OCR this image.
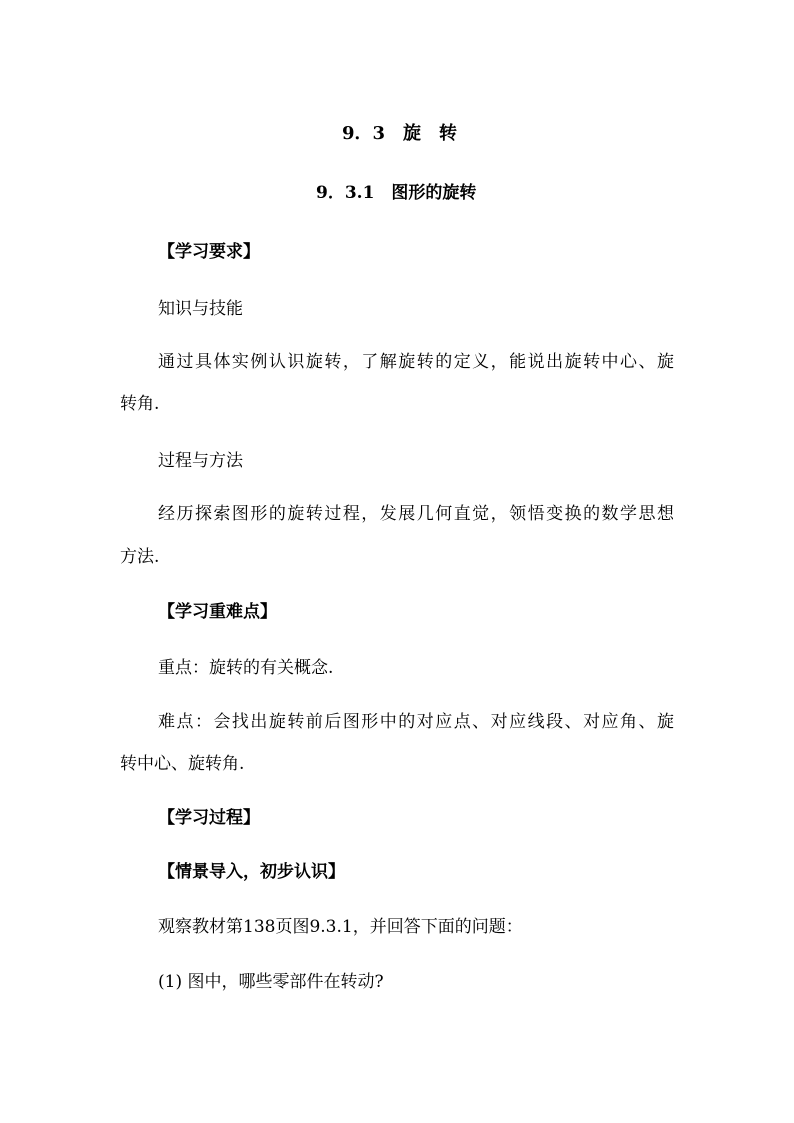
9．3　旋　转
9．3.1　图形的旋转
【学习要求】
知识与技能
通过具体实例认识旋转，了解旋转的定义，能说出旋转中心、旋
转角.
过程与方法
经历探索图形的旋转过程，发展几何直觉，领悟变换的数学思想
方法.
【学习重难点】
重点：旋转的有关概念.
难点：会找出旋转前后图形中的对应点、对应线段、对应角、旋
转中心、旋转角.
【学习过程】
【情景导入，初步认识】
观察教材第138页图9.3.1，并回答下面的问题：
(1) 图中，哪些零部件在转动?
